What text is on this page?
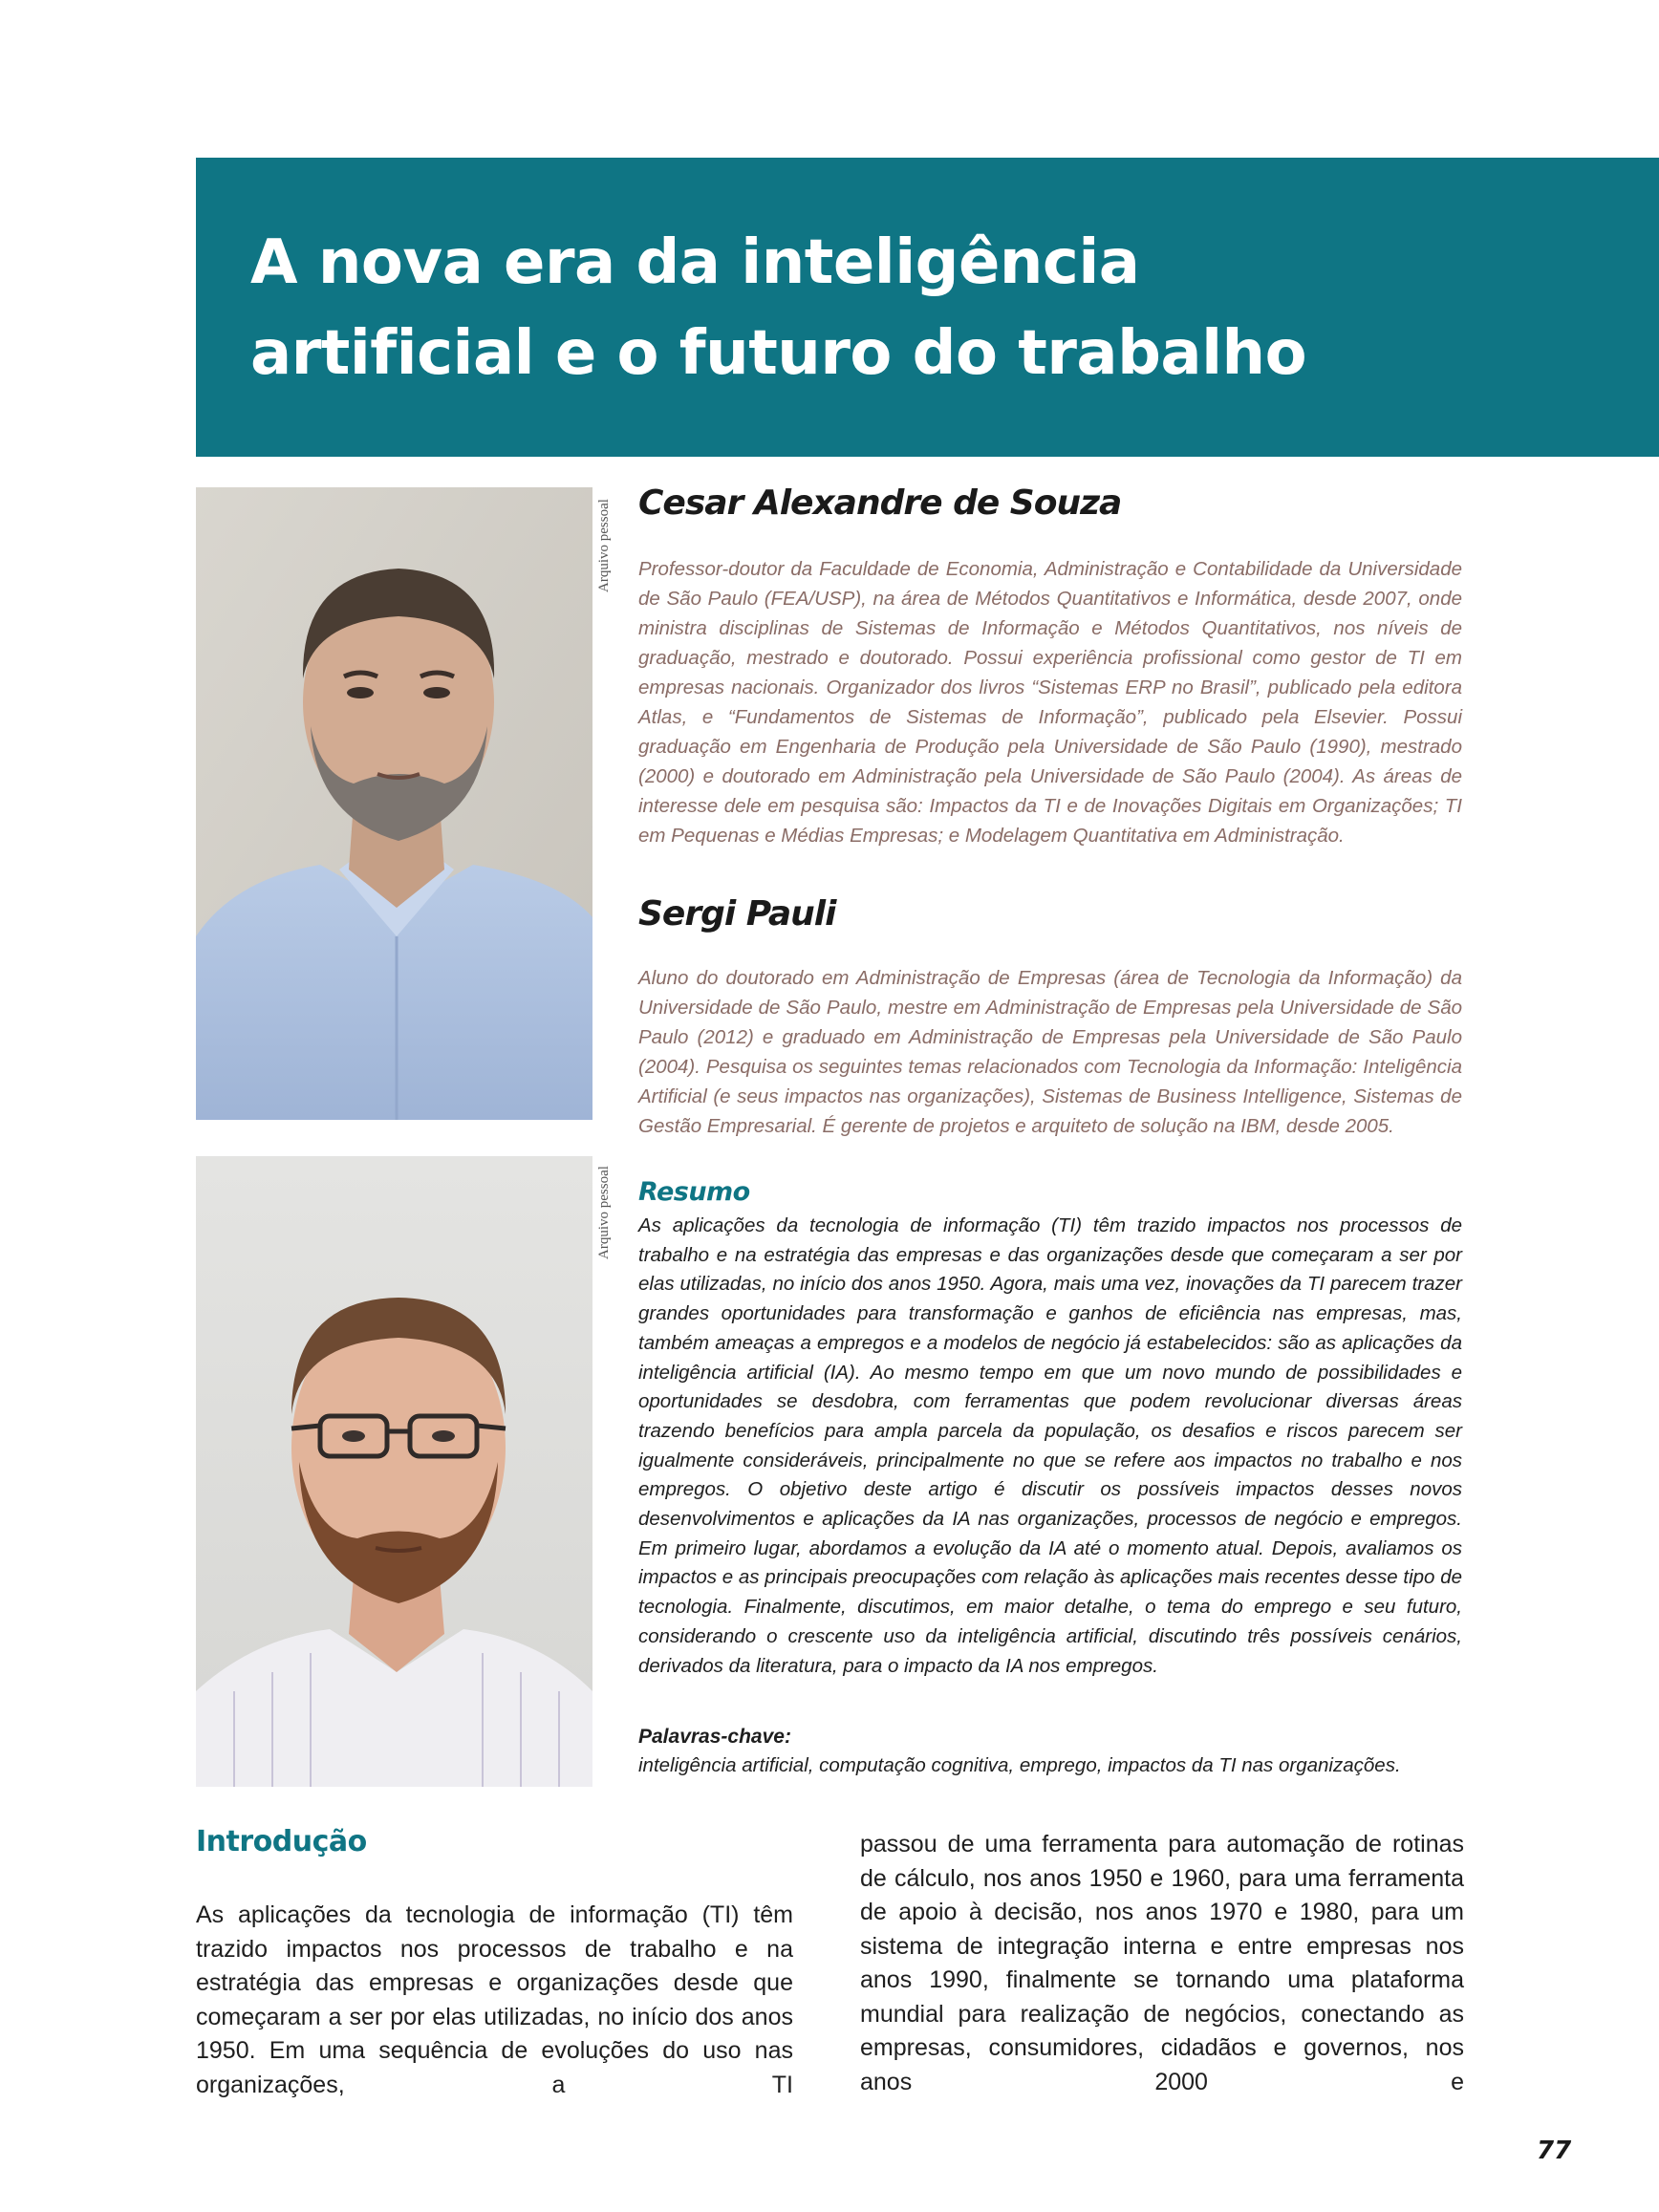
A nova era da inteligência
artificial e o futuro do trabalho
Arquivo pessoal
Arquivo pessoal
Cesar Alexandre de Souza

Professor-doutor da Faculdade de Economia, Administração e Contabilidade da Universidade de São Paulo (FEA/USP), na área de Métodos Quantitativos e Informática, desde 2007, onde ministra disciplinas de Sistemas de Informação e Métodos Quantitativos, nos níveis de graduação, mestrado e doutorado. Possui experiência profissional como gestor de TI em empresas nacionais. Organizador dos livros “Sistemas ERP no Brasil”, publicado pela editora Atlas, e “Fundamentos de Sistemas de Informação”, publicado pela Elsevier. Possui graduação em Engenharia de Produção pela Universidade de São Paulo (1990), mestrado (2000) e doutorado em Administração pela Universidade de São Paulo (2004). As áreas de interesse dele em pesquisa são: Impactos da TI e de Inovações Digitais em Organizações; TI em Pequenas e Médias Empresas; e Modelagem Quantitativa em Administração.

Sergi Pauli

Aluno do doutorado em Administração de Empresas (área de Tecnologia da Informação) da Universidade de São Paulo, mestre em Administração de Empresas pela Universidade de São Paulo (2012) e graduado em Administração de Empresas pela Universidade de São Paulo (2004). Pesquisa os seguintes temas relacionados com Tecnologia da Informação: Inteligência Artificial (e seus impactos nas organizações), Sistemas de Business Intelligence, Sistemas de Gestão Empresarial. É gerente de projetos e arquiteto de solução na IBM, desde 2005.

Resumo

As aplicações da tecnologia de informação (TI) têm trazido impactos nos processos de trabalho e na estratégia das empresas e das organizações desde que começaram a ser por elas utilizadas, no início dos anos 1950. Agora, mais uma vez, inovações da TI parecem trazer grandes oportunidades para transformação e ganhos de eficiência nas empresas, mas, também ameaças a empregos e a modelos de negócio já estabelecidos: são as aplicações da inteligência artificial (IA). Ao mesmo tempo em que um novo mundo de possibilidades e oportunidades se desdobra, com ferramentas que podem revolucionar diversas áreas trazendo benefícios para ampla parcela da população, os desafios e riscos parecem ser igualmente consideráveis, principalmente no que se refere aos impactos no trabalho e nos empregos. O objetivo deste artigo é discutir os possíveis impactos desses novos desenvolvimentos e aplicações da IA nas organizações, processos de negócio e empregos. Em primeiro lugar, abordamos a evolução da IA até o momento atual. Depois, avaliamos os impactos e as principais preocupações com relação às aplicações mais recentes desse tipo de tecnologia. Finalmente, discutimos, em maior detalhe, o tema do emprego e seu futuro, considerando o crescente uso da inteligência artificial, discutindo três possíveis cenários, derivados da literatura, para o impacto da IA nos empregos.

Palavras-chave:

inteligência artificial, computação cognitiva, emprego, impactos da TI nas organizações.

Introdução

As aplicações da tecnologia de informação (TI) têm trazido impactos nos processos de trabalho e na estratégia das empresas e organizações desde que começaram a ser por elas utilizadas, no início dos anos 1950. Em uma sequência de evoluções do uso nas organizações, a TI

passou de uma ferramenta para automação de rotinas de cálculo, nos anos 1950 e 1960, para uma ferramenta de apoio à decisão, nos anos 1970 e 1980, para um sistema de integração interna e entre empresas nos anos 1990, finalmente se tornando uma plataforma mundial para realização de negócios, conectando as empresas, consumidores, cidadãos e governos, nos anos 2000 e

77
